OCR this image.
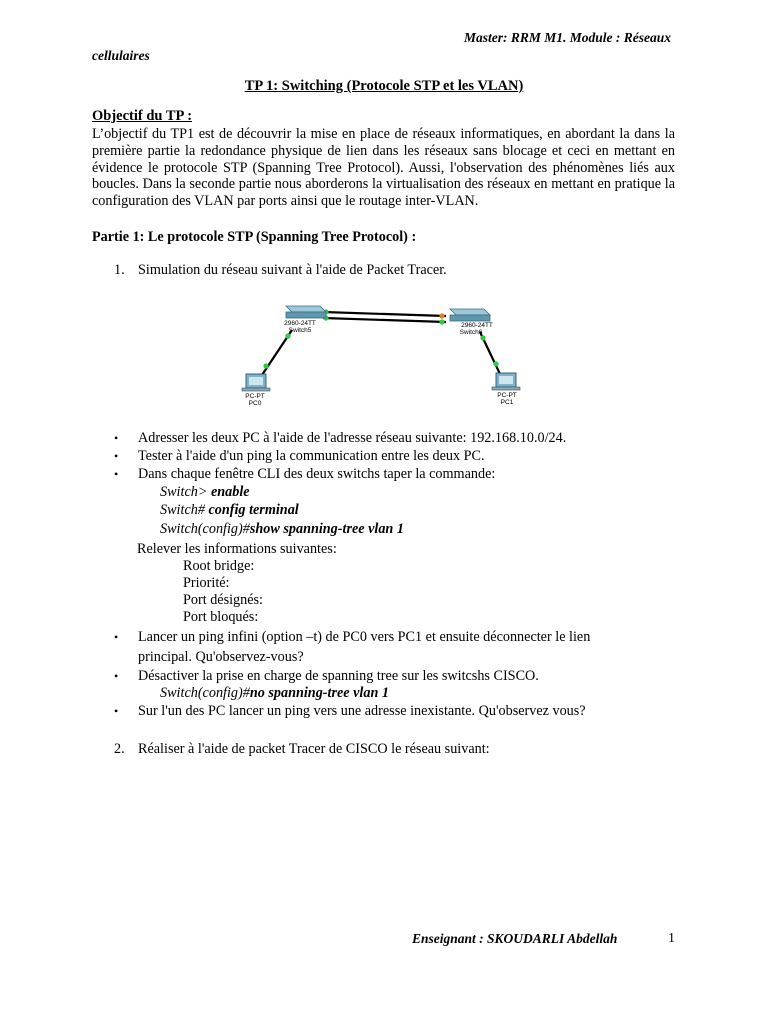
Master: RRM M1. Module : Réseaux
cellulaires
TP 1: Switching (Protocole STP et les VLAN)
Objectif du TP :
L’objectif du TP1 est de découvrir la mise en place de réseaux informatiques, en abordant la dans la première partie la redondance physique de lien dans les réseaux sans blocage et ceci en mettant en évidence le protocole STP (Spanning Tree Protocol). Aussi, l'observation des phénomènes liés aux boucles. Dans la seconde partie nous aborderons la virtualisation des réseaux en mettant en pratique la configuration des VLAN par ports ainsi que le routage inter-VLAN.
Partie 1: Le protocole STP (Spanning Tree Protocol) :
1. Simulation du réseau suivant à l'aide de Packet Tracer.
2960-24TT
Switch5
2960-24TT
Switch6
PC-PT
PC0
PC-PT
PC1
• Adresser les deux PC à l'aide de l'adresse réseau suivante: 192.168.10.0/24.
• Tester à l'aide d'un ping la communication entre les deux PC.
• Dans chaque fenêtre CLI des deux switchs taper la commande:
Switch> enable
Switch# config terminal
Switch(config)#show spanning-tree vlan 1
Relever les informations suivantes:
Root bridge:
Priorité:
Port désignés:
Port bloqués:
• Lancer un ping infini (option –t) de PC0 vers PC1 et ensuite déconnecter le lien
principal. Qu'observez-vous?
• Désactiver la prise en charge de spanning tree sur les switcshs CISCO.
Switch(config)#no spanning-tree vlan 1
• Sur l'un des PC lancer un ping vers une adresse inexistante. Qu'observez vous?
2. Réaliser à l'aide de packet Tracer de CISCO le réseau suivant:
Enseignant : SKOUDARLI Abdellah	1
